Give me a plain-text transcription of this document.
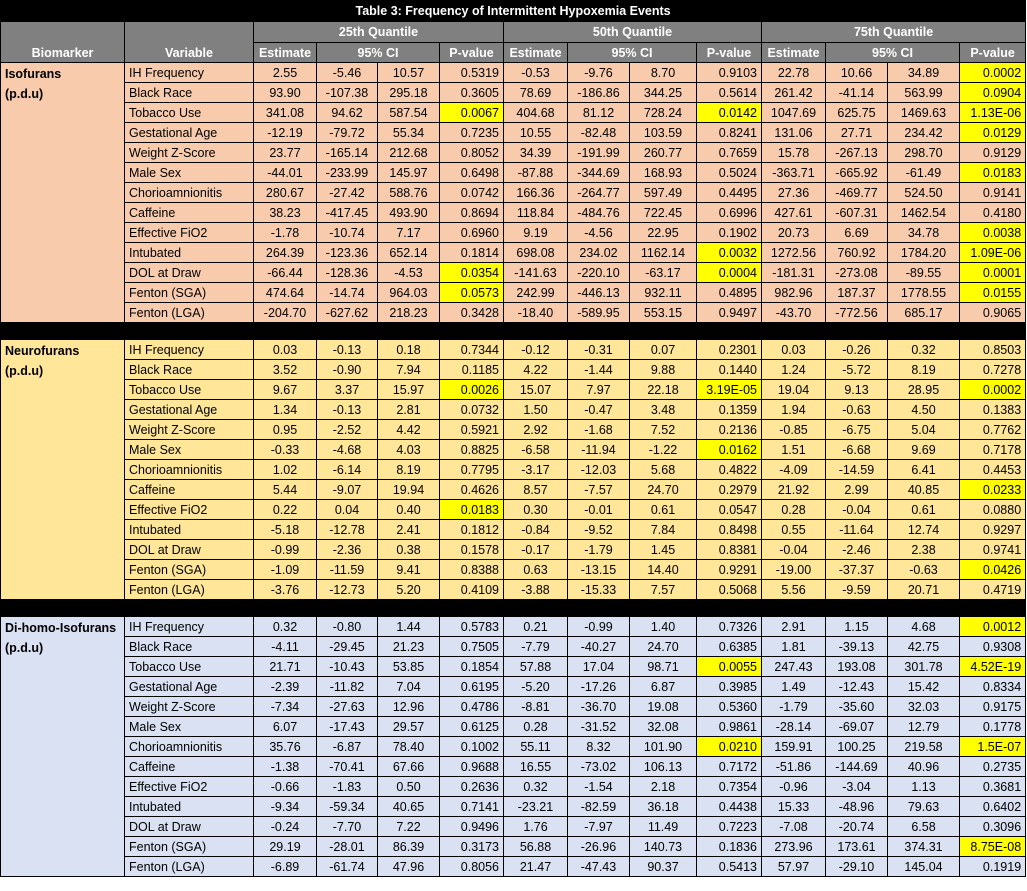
Table 3: Frequency of Intermittent Hypoxemia Events													
Biomarker	Variable	25th Quantile				50th Quantile				75th Quantile			
		Estimate	95% CI		P-value	Estimate	95% CI		P-value	Estimate	95% CI		P-value

Isofurans
(p.d.u)	IH Frequency	2.55	-5.46	10.57	0.5319	-0.53	-9.76	8.70	0.9103	22.78	10.66	34.89	0.0002
	Black Race	93.90	-107.38	295.18	0.3605	78.69	-186.86	344.25	0.5614	261.42	-41.14	563.99	0.0904
	Tobacco Use	341.08	94.62	587.54	0.0067	404.68	81.12	728.24	0.0142	1047.69	625.75	1469.63	1.13E-06
	Gestational Age	-12.19	-79.72	55.34	0.7235	10.55	-82.48	103.59	0.8241	131.06	27.71	234.42	0.0129
	Weight Z-Score	23.77	-165.14	212.68	0.8052	34.39	-191.99	260.77	0.7659	15.78	-267.13	298.70	0.9129
	Male Sex	-44.01	-233.99	145.97	0.6498	-87.88	-344.69	168.93	0.5024	-363.71	-665.92	-61.49	0.0183
	Chorioamnionitis	280.67	-27.42	588.76	0.0742	166.36	-264.77	597.49	0.4495	27.36	-469.77	524.50	0.9141
	Caffeine	38.23	-417.45	493.90	0.8694	118.84	-484.76	722.45	0.6996	427.61	-607.31	1462.54	0.4180
	Effective FiO2	-1.78	-10.74	7.17	0.6960	9.19	-4.56	22.95	0.1902	20.73	6.69	34.78	0.0038
	Intubated	264.39	-123.36	652.14	0.1814	698.08	234.02	1162.14	0.0032	1272.56	760.92	1784.20	1.09E-06
	DOL at Draw	-66.44	-128.36	-4.53	0.0354	-141.63	-220.10	-63.17	0.0004	-181.31	-273.08	-89.55	0.0001
	Fenton (SGA)	474.64	-14.74	964.03	0.0573	242.99	-446.13	932.11	0.4895	982.96	187.37	1778.55	0.0155
	Fenton (LGA)	-204.70	-627.62	218.23	0.3428	-18.40	-589.95	553.15	0.9497	-43.70	-772.56	685.17	0.9065

Neurofurans
(p.d.u)	IH Frequency	0.03	-0.13	0.18	0.7344	-0.12	-0.31	0.07	0.2301	0.03	-0.26	0.32	0.8503
	Black Race	3.52	-0.90	7.94	0.1185	4.22	-1.44	9.88	0.1440	1.24	-5.72	8.19	0.7278
	Tobacco Use	9.67	3.37	15.97	0.0026	15.07	7.97	22.18	3.19E-05	19.04	9.13	28.95	0.0002
	Gestational Age	1.34	-0.13	2.81	0.0732	1.50	-0.47	3.48	0.1359	1.94	-0.63	4.50	0.1383
	Weight Z-Score	0.95	-2.52	4.42	0.5921	2.92	-1.68	7.52	0.2136	-0.85	-6.75	5.04	0.7762
	Male Sex	-0.33	-4.68	4.03	0.8825	-6.58	-11.94	-1.22	0.0162	1.51	-6.68	9.69	0.7178
	Chorioamnionitis	1.02	-6.14	8.19	0.7795	-3.17	-12.03	5.68	0.4822	-4.09	-14.59	6.41	0.4453
	Caffeine	5.44	-9.07	19.94	0.4626	8.57	-7.57	24.70	0.2979	21.92	2.99	40.85	0.0233
	Effective FiO2	0.22	0.04	0.40	0.0183	0.30	-0.01	0.61	0.0547	0.28	-0.04	0.61	0.0880
	Intubated	-5.18	-12.78	2.41	0.1812	-0.84	-9.52	7.84	0.8498	0.55	-11.64	12.74	0.9297
	DOL at Draw	-0.99	-2.36	0.38	0.1578	-0.17	-1.79	1.45	0.8381	-0.04	-2.46	2.38	0.9741
	Fenton (SGA)	-1.09	-11.59	9.41	0.8388	0.63	-13.15	14.40	0.9291	-19.00	-37.37	-0.63	0.0426
	Fenton (LGA)	-3.76	-12.73	5.20	0.4109	-3.88	-15.33	7.57	0.5068	5.56	-9.59	20.71	0.4719

Di-homo-Isofurans
(p.d.u)	IH Frequency	0.32	-0.80	1.44	0.5783	0.21	-0.99	1.40	0.7326	2.91	1.15	4.68	0.0012
	Black Race	-4.11	-29.45	21.23	0.7505	-7.79	-40.27	24.70	0.6385	1.81	-39.13	42.75	0.9308
	Tobacco Use	21.71	-10.43	53.85	0.1854	57.88	17.04	98.71	0.0055	247.43	193.08	301.78	4.52E-19
	Gestational Age	-2.39	-11.82	7.04	0.6195	-5.20	-17.26	6.87	0.3985	1.49	-12.43	15.42	0.8334
	Weight Z-Score	-7.34	-27.63	12.96	0.4786	-8.81	-36.70	19.08	0.5360	-1.79	-35.60	32.03	0.9175
	Male Sex	6.07	-17.43	29.57	0.6125	0.28	-31.52	32.08	0.9861	-28.14	-69.07	12.79	0.1778
	Chorioamnionitis	35.76	-6.87	78.40	0.1002	55.11	8.32	101.90	0.0210	159.91	100.25	219.58	1.5E-07
	Caffeine	-1.38	-70.41	67.66	0.9688	16.55	-73.02	106.13	0.7172	-51.86	-144.69	40.96	0.2735
	Effective FiO2	-0.66	-1.83	0.50	0.2636	0.32	-1.54	2.18	0.7354	-0.96	-3.04	1.13	0.3681
	Intubated	-9.34	-59.34	40.65	0.7141	-23.21	-82.59	36.18	0.4438	15.33	-48.96	79.63	0.6402
	DOL at Draw	-0.24	-7.70	7.22	0.9496	1.76	-7.97	11.49	0.7223	-7.08	-20.74	6.58	0.3096
	Fenton (SGA)	29.19	-28.01	86.39	0.3173	56.88	-26.96	140.73	0.1836	273.96	173.61	374.31	8.75E-08
	Fenton (LGA)	-6.89	-61.74	47.96	0.8056	21.47	-47.43	90.37	0.5413	57.97	-29.10	145.04	0.1919
